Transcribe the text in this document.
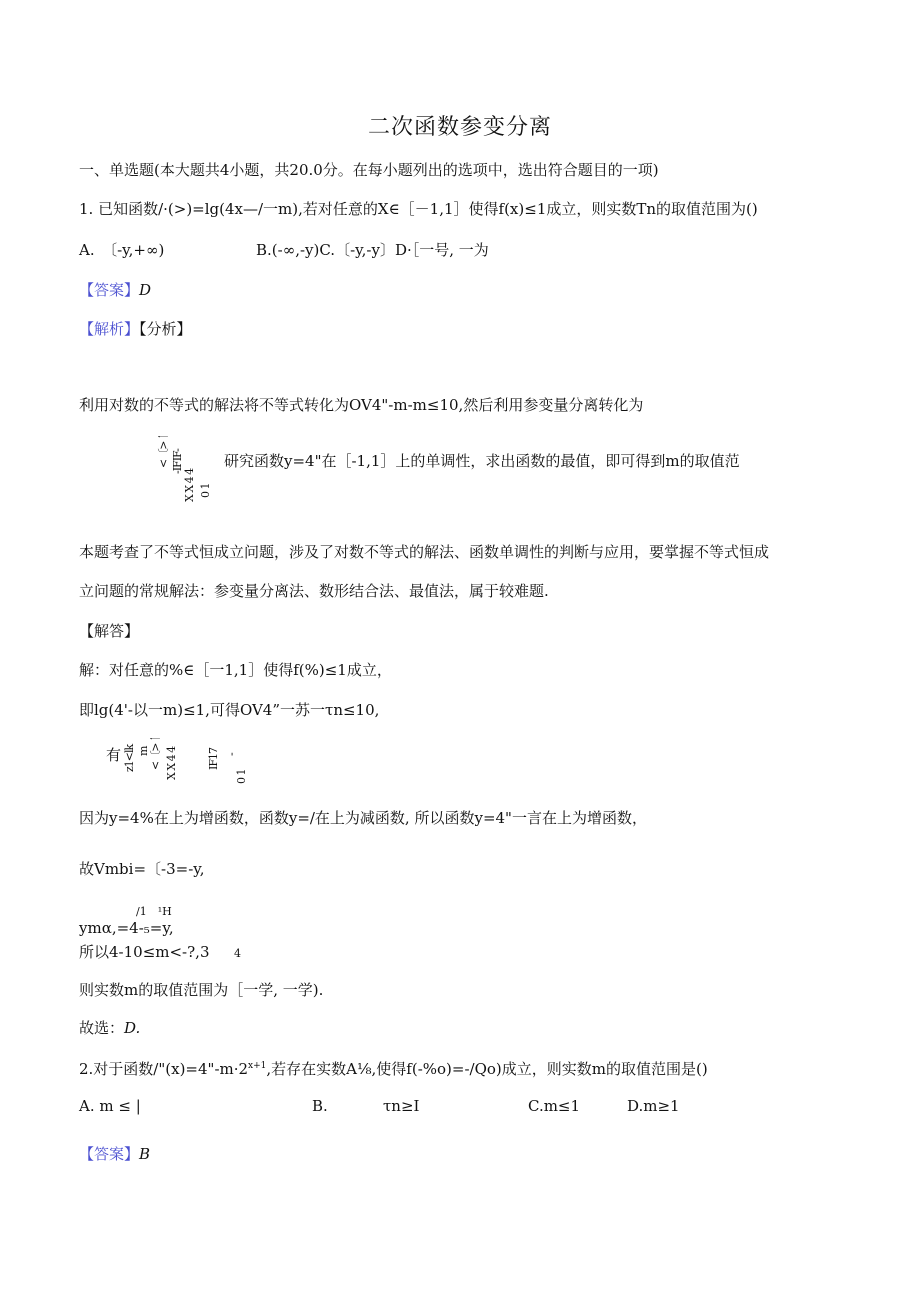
二次函数参变分离
一、单选题(本大题共4小题，共20.0分。在每小题列出的选项中，选出符合题目的一项)
1. 已知函数/·(>)=lg(4x—/一m),若对任意的X∈［－1,1］使得f(x)≤1成立，则实数Tn的取值范围为()
A.　〔-y,+∞)	B.(-∞,-y)C.〔-y,-y〕D·［一号, 一为
【答案】D
【解析】【分析】
利用对数的不等式的解法将不等式转化为OV4"-m-m≤10,然后利用参变量分离转化为
<〔>一 -IFIF-
X X 4 4 0 1
研究函数y=4"在［-1,1］上的单调性，求出函数的最值，即可得到m的取值范
本题考查了不等式恒成立问题，涉及了对数不等式的解法、函数单调性的判断与应用，要掌握不等式恒成
立问题的常规解法：参变量分离法、数形结合法、最值法，属于较难题.
【解答】
解：对任意的%∈［一1,1］使得f(%)≤1成立，
即lg(4'-以一m)≤1,可得OV4”一苏一τn≤10,
有 z1<lk m <〔>一 X X 4 4	IF17 -
0 1
因为y=4%在上为增函数，函数y=/在上为减函数, 所以函数y=4"一言在上为增函数，
故Vmbi=〔-3=-y,
/1　¹H
ymα,=4-₅=y,
所以4-10≤m<-?,3 4
则实数m的取值范围为［一学, 一学).
故选：D.
2.对于函数$/"(x)=4"-m\cdot 2^{x+1}$,若存在实数A⅛,使得f(-%o)=-/Qo)成立，则实数m的取值范围是()
A. m ≤ |	B.	τn≥I	C.m≤1	D.m≥1
【答案】B
